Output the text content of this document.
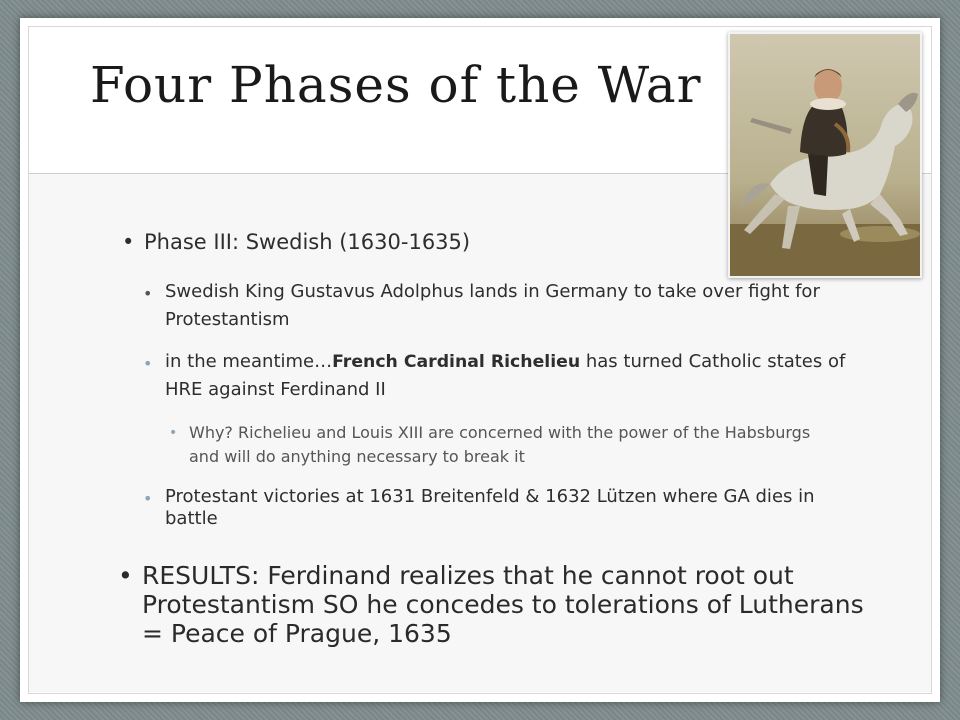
Four Phases of the War

• Phase III: Swedish (1630-1635)

• Swedish King Gustavus Adolphus lands in Germany to take over fight for Protestantism

• in the meantime…French Cardinal Richelieu has turned Catholic states of HRE against Ferdinand II

• Why? Richelieu and Louis XIII are concerned with the power of the Habsburgs and will do anything necessary to break it

• Protestant victories at 1631 Breitenfeld & 1632 Lützen where GA dies in battle

• RESULTS: Ferdinand realizes that he cannot root out Protestantism SO he concedes to tolerations of Lutherans = Peace of Prague, 1635
